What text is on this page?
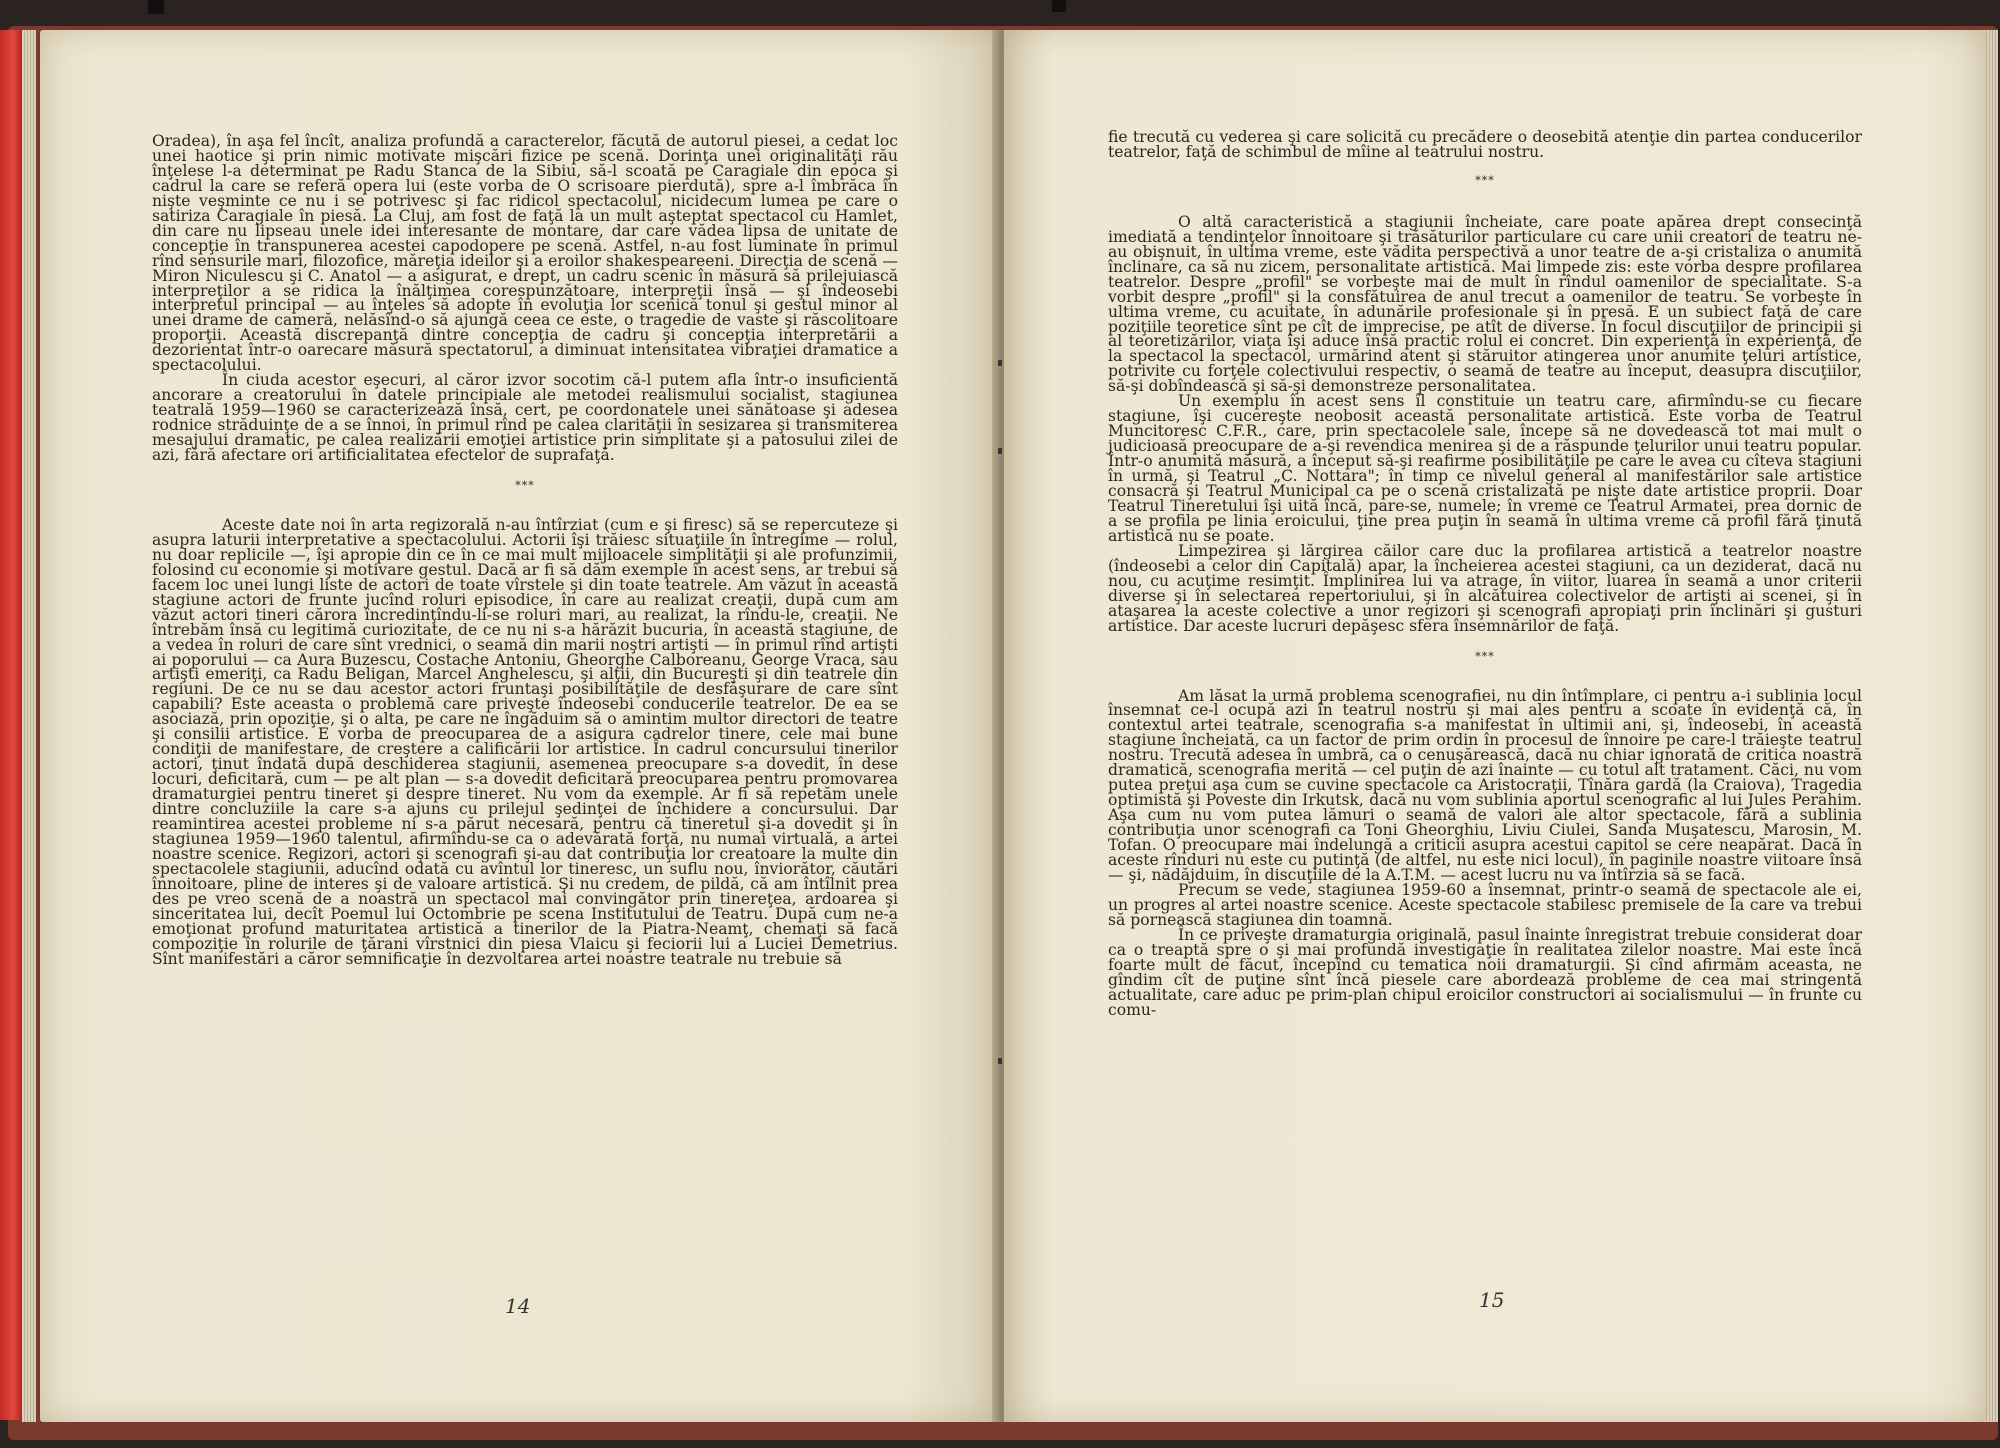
Oradea), în aşa fel încît, analiza profundă a caracterelor, făcută de autorul piesei, a cedat loc unei haotice şi prin nimic motivate mişcări fizice pe scenă. Dorinţa unei originalităţi rău înţelese l-a determinat pe Radu Stanca de la Sibiu, să-l scoată pe Caragiale din epoca şi cadrul la care se referă opera lui (este vorba de O scrisoare pierdută), spre a-l îmbrăca în nişte veşminte ce nu i se potrivesc şi fac ridicol spectacolul, nicidecum lumea pe care o satiriza Caragiale în piesă. La Cluj, am fost de faţă la un mult aşteptat spectacol cu Hamlet, din care nu lipseau unele idei interesante de montare, dar care vădea lipsa de unitate de concepţie în transpunerea acestei capodopere pe scenă. Astfel, n-au fost luminate în primul rînd sensurile mari, filozofice, măreţia ideilor şi a eroilor shakespeareeni. Direcţia de scenă — Miron Niculescu şi C. Anatol — a asigurat, e drept, un cadru scenic în măsură să prilejuiască interpreţilor a se ridica la înălţimea corespunzătoare, interpreţii însă — şi îndeosebi interpretul principal — au înţeles să adopte în evoluţia lor scenică tonul şi gestul minor al unei drame de cameră, nelăsînd-o să ajungă ceea ce este, o tragedie de vaste şi răscolitoare proporţii. Această discrepanţă dintre concepţia de cadru şi concepţia interpretării a dezorientat într-o oarecare măsură spectatorul, a diminuat intensitatea vibraţiei dramatice a spectacolului.

În ciuda acestor eşecuri, al căror izvor socotim că-l putem afla într-o insuficientă ancorare a creatorului în datele principiale ale metodei realismului socialist, stagiunea teatrală 1959—1960 se caracterizează însă, cert, pe coordonatele unei sănătoase şi adesea rodnice străduinţe de a se înnoi, în primul rînd pe calea clarităţii în sesizarea şi transmiterea mesajului dramatic, pe calea realizării emoţiei artistice prin simplitate şi a patosului zilei de azi, fără afectare ori artificialitatea efectelor de suprafaţă.

***

Aceste date noi în arta regizorală n-au întîrziat (cum e şi firesc) să se repercuteze şi asupra laturii interpretative a spectacolului. Actorii îşi trăiesc situaţiile în întregime — rolul, nu doar replicile —, îşi apropie din ce în ce mai mult mijloacele simplităţii şi ale profunzimii, folosind cu economie şi motivare gestul. Dacă ar fi să dăm exemple în acest sens, ar trebui să facem loc unei lungi liste de actori de toate vîrstele şi din toate teatrele. Am văzut în această stagiune actori de frunte jucînd roluri episodice, în care au realizat creaţii, după cum am văzut actori tineri cărora încredinţîndu-li-se roluri mari, au realizat, la rîndu-le, creaţii. Ne întrebăm însă cu legitimă curiozitate, de ce nu ni s-a hărăzit bucuria, în această stagiune, de a vedea în roluri de care sînt vrednici, o seamă din marii noştri artişti — în primul rînd artişti ai poporului — ca Aura Buzescu, Costache Antoniu, Gheorghe Calboreanu, George Vraca, sau artişti emeriţi, ca Radu Beligan, Marcel Anghelescu, şi alţii, din Bucureşti şi din teatrele din regiuni. De ce nu se dau acestor actori fruntaşi posibilităţile de desfăşurare de care sînt capabili? Este aceasta o problemă care priveşte îndeosebi conducerile teatrelor. De ea se asociază, prin opoziţie, şi o alta, pe care ne îngăduim să o amintim multor directori de teatre şi consilii artistice. E vorba de preocuparea de a asigura cadrelor tinere, cele mai bune condiţii de manifestare, de creştere a calificării lor artistice. În cadrul concursului tinerilor actori, ţinut îndată după deschiderea stagiunii, asemenea preocupare s-a dovedit, în dese locuri, deficitară, cum — pe alt plan — s-a dovedit deficitară preocuparea pentru promovarea dramaturgiei pentru tineret şi despre tineret. Nu vom da exemple. Ar fi să repetăm unele dintre concluziile la care s-a ajuns cu prilejul şedinţei de închidere a concursului. Dar reamintirea acestei probleme ni s-a părut necesară, pentru că tineretul şi-a dovedit şi în stagiunea 1959—1960 talentul, afirmîndu-se ca o adevărată forţă, nu numai virtuală, a artei noastre scenice. Regizori, actori şi scenografi şi-au dat contribuţia lor creatoare la multe din spectacolele stagiunii, aducînd odată cu avîntul lor tineresc, un suflu nou, înviorător, căutări înnoitoare, pline de interes şi de valoare artistică. Şi nu credem, de pildă, că am întîlnit prea des pe vreo scenă de a noastră un spectacol mai convingător prin tinereţea, ardoarea şi sinceritatea lui, decît Poemul lui Octombrie pe scena Institutului de Teatru. După cum ne-a emoţionat profund maturitatea artistică a tinerilor de la Piatra-Neamţ, chemaţi să facă compoziţie în rolurile de ţărani vîrstnici din piesa Vlaicu şi feciorii lui a Luciei Demetrius. Sînt manifestări a căror semnificaţie în dezvoltarea artei noastre teatrale nu trebuie să

14

fie trecută cu vederea şi care solicită cu precădere o deosebită atenţie din partea conducerilor teatrelor, faţă de schimbul de mîine al teatrului nostru.

***

O altă caracteristică a stagiunii încheiate, care poate apărea drept consecinţă imediată a tendinţelor înnoitoare şi trăsăturilor particulare cu care unii creatori de teatru ne-au obişnuit, în ultima vreme, este vădita perspectivă a unor teatre de a-şi cristaliza o anumită înclinare, ca să nu zicem, personalitate artistică. Mai limpede zis: este vorba despre profilarea teatrelor. Despre „profil" se vorbeşte mai de mult în rîndul oamenilor de specialitate. S-a vorbit despre „profil" şi la consfătuirea de anul trecut a oamenilor de teatru. Se vorbeşte în ultima vreme, cu acuitate, în adunările profesionale şi în presă. E un subiect faţă de care poziţiile teoretice sînt pe cît de imprecise, pe atît de diverse. În focul discuţiilor de principii şi al teoretizărilor, viaţa îşi aduce însă practic rolul ei concret. Din experienţă în experienţă, de la spectacol la spectacol, urmărind atent şi stăruitor atingerea unor anumite ţeluri artistice, potrivite cu forţele colectivului respectiv, o seamă de teatre au început, deasupra discuţiilor, să-şi dobîndească şi să-şi demonstreze personalitatea.

Un exemplu în acest sens îl constituie un teatru care, afirmîndu-se cu fiecare stagiune, îşi cucereşte neobosit această personalitate artistică. Este vorba de Teatrul Muncitoresc C.F.R., care, prin spectacolele sale, începe să ne dovedească tot mai mult o judicioasă preocupare de a-şi revendica menirea şi de a răspunde ţelurilor unui teatru popular. Într-o anumită măsură, a început să-şi reafirme posibilităţile pe care le avea cu cîteva stagiuni în urmă, şi Teatrul „C. Nottara"; în timp ce nivelul general al manifestărilor sale artistice consacră şi Teatrul Municipal ca pe o scenă cristalizată pe nişte date artistice proprii. Doar Teatrul Tineretului îşi uită încă, pare-se, numele; în vreme ce Teatrul Armatei, prea dornic de a se profila pe linia eroicului, ţine prea puţin în seamă în ultima vreme că profil fără ţinută artistică nu se poate.

Limpezirea şi lărgirea căilor care duc la profilarea artistică a teatrelor noastre (îndeosebi a celor din Capitală) apar, la încheierea acestei stagiuni, ca un deziderat, dacă nu nou, cu acuţime resimţit. Împlinirea lui va atrage, în viitor, luarea în seamă a unor criterii diverse şi în selectarea repertoriului, şi în alcătuirea colectivelor de artişti ai scenei, şi în ataşarea la aceste colective a unor regizori şi scenografi apropiaţi prin înclinări şi gusturi artistice. Dar aceste lucruri depăşesc sfera însemnărilor de faţă.

***

Am lăsat la urmă problema scenografiei, nu din întîmplare, ci pentru a-i sublinia locul însemnat ce-l ocupă azi în teatrul nostru şi mai ales pentru a scoate în evidenţă că, în contextul artei teatrale, scenografia s-a manifestat în ultimii ani, şi, îndeosebi, în această stagiune încheiată, ca un factor de prim ordin în procesul de înnoire pe care-l trăieşte teatrul nostru. Trecută adesea în umbră, ca o cenuşărească, dacă nu chiar ignorată de critica noastră dramatică, scenografia merită — cel puţin de azi înainte — cu totul alt tratament. Căci, nu vom putea preţui aşa cum se cuvine spectacole ca Aristocraţii, Tînăra gardă (la Craiova), Tragedia optimistă şi Poveste din Irkutsk, dacă nu vom sublinia aportul scenografic al lui Jules Perahim. Aşa cum nu vom putea lămuri o seamă de valori ale altor spectacole, fără a sublinia contribuţia unor scenografi ca Toni Gheorghiu, Liviu Ciulei, Sanda Muşatescu, Marosin, M. Tofan. O preocupare mai îndelungă a criticii asupra acestui capitol se cere neapărat. Dacă în aceste rînduri nu este cu putinţă (de altfel, nu este nici locul), în paginile noastre viitoare însă — şi, nădăjduim, în discuţiile de la A.T.M. — acest lucru nu va întîrzia să se facă.

Precum se vede, stagiunea 1959-60 a însemnat, printr-o seamă de spectacole ale ei, un progres al artei noastre scenice. Aceste spectacole stabilesc premisele de la care va trebui să pornească stagiunea din toamnă.

În ce priveşte dramaturgia originală, pasul înainte înregistrat trebuie considerat doar ca o treaptă spre o şi mai profundă investigaţie în realitatea zilelor noastre. Mai este încă foarte mult de făcut, începînd cu tematica noii dramaturgii. Şi cînd afirmăm aceasta, ne gîndim cît de puţine sînt încă piesele care abordează probleme de cea mai stringentă actualitate, care aduc pe prim-plan chipul eroicilor constructori ai socialismului — în frunte cu comu-

15
